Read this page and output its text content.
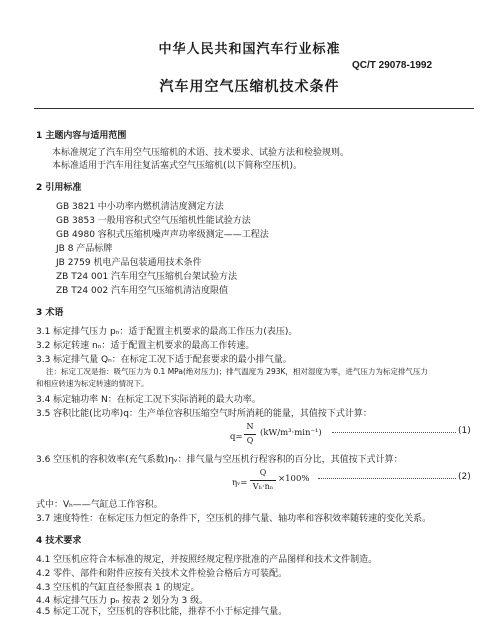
中华人民共和国汽车行业标准
QC/T 29078-1992
汽车用空气压缩机技术条件
1 主题内容与适用范围
本标准规定了汽车用空气压缩机的术语、技术要求、试验方法和检验规则。
本标准适用于汽车用往复活塞式空气压缩机(以下简称空压机)。
2 引用标准
GB 3821 中小功率内燃机清洁度测定方法
GB 3853 一般用容积式空气压缩机性能试验方法
GB 4980 容积式压缩机噪声声功率级测定——工程法
JB 8 产品标牌
JB 2759 机电产品包装通用技术条件
ZB T24 001 汽车用空气压缩机台架试验方法
ZB T24 002 汽车用空气压缩机清洁度限值
3 术语
3.1 标定排气压力 pₙ：适于配置主机要求的最高工作压力(表压)。
3.2 标定转速 nₙ：适于配置主机要求的最高工作转速。
3.3 标定排气量 Qₙ：在标定工况下适于配套要求的最小排气量。
注：标定工况是指：吸气压力为 0.1 MPa(绝对压力)；排气温度为 293K，相对湿度为零，进气压力为标定排气压力
和相应转速为标定转速的情况下。
3.4 标定轴功率 N：在标定工况下实际消耗的最大功率。
3.5 容积比能(比功率)q：生产单位容积压缩空气时所消耗的能量，其值按下式计算：
q=
N
Q
(kW/m³·min⁻¹)	(1)
3.6 空压机的容积效率(充气系数)ηᵥ：排气量与空压机行程容积的百分比，其值按下式计算：
ηᵥ=
Q
Vₕ·nₙ
×100%	(2)
式中：Vₕ——气缸总工作容积。
3.7 速度特性：在标定压力恒定的条件下，空压机的排气量、轴功率和容积效率随转速的变化关系。
4 技术要求
4.1 空压机应符合本标准的规定，并按照经规定程序批准的产品图样和技术文件制造。
4.2 零件、部件和附件应按有关技术文件检验合格后方可装配。
4.3 空压机的气缸直径参照表 1 的规定。
4.4 标定排气压力 pₙ 按表 2 划分为 3 级。
4.5 标定工况下，空压机的容积比能，推荐不小于标定排气量。
